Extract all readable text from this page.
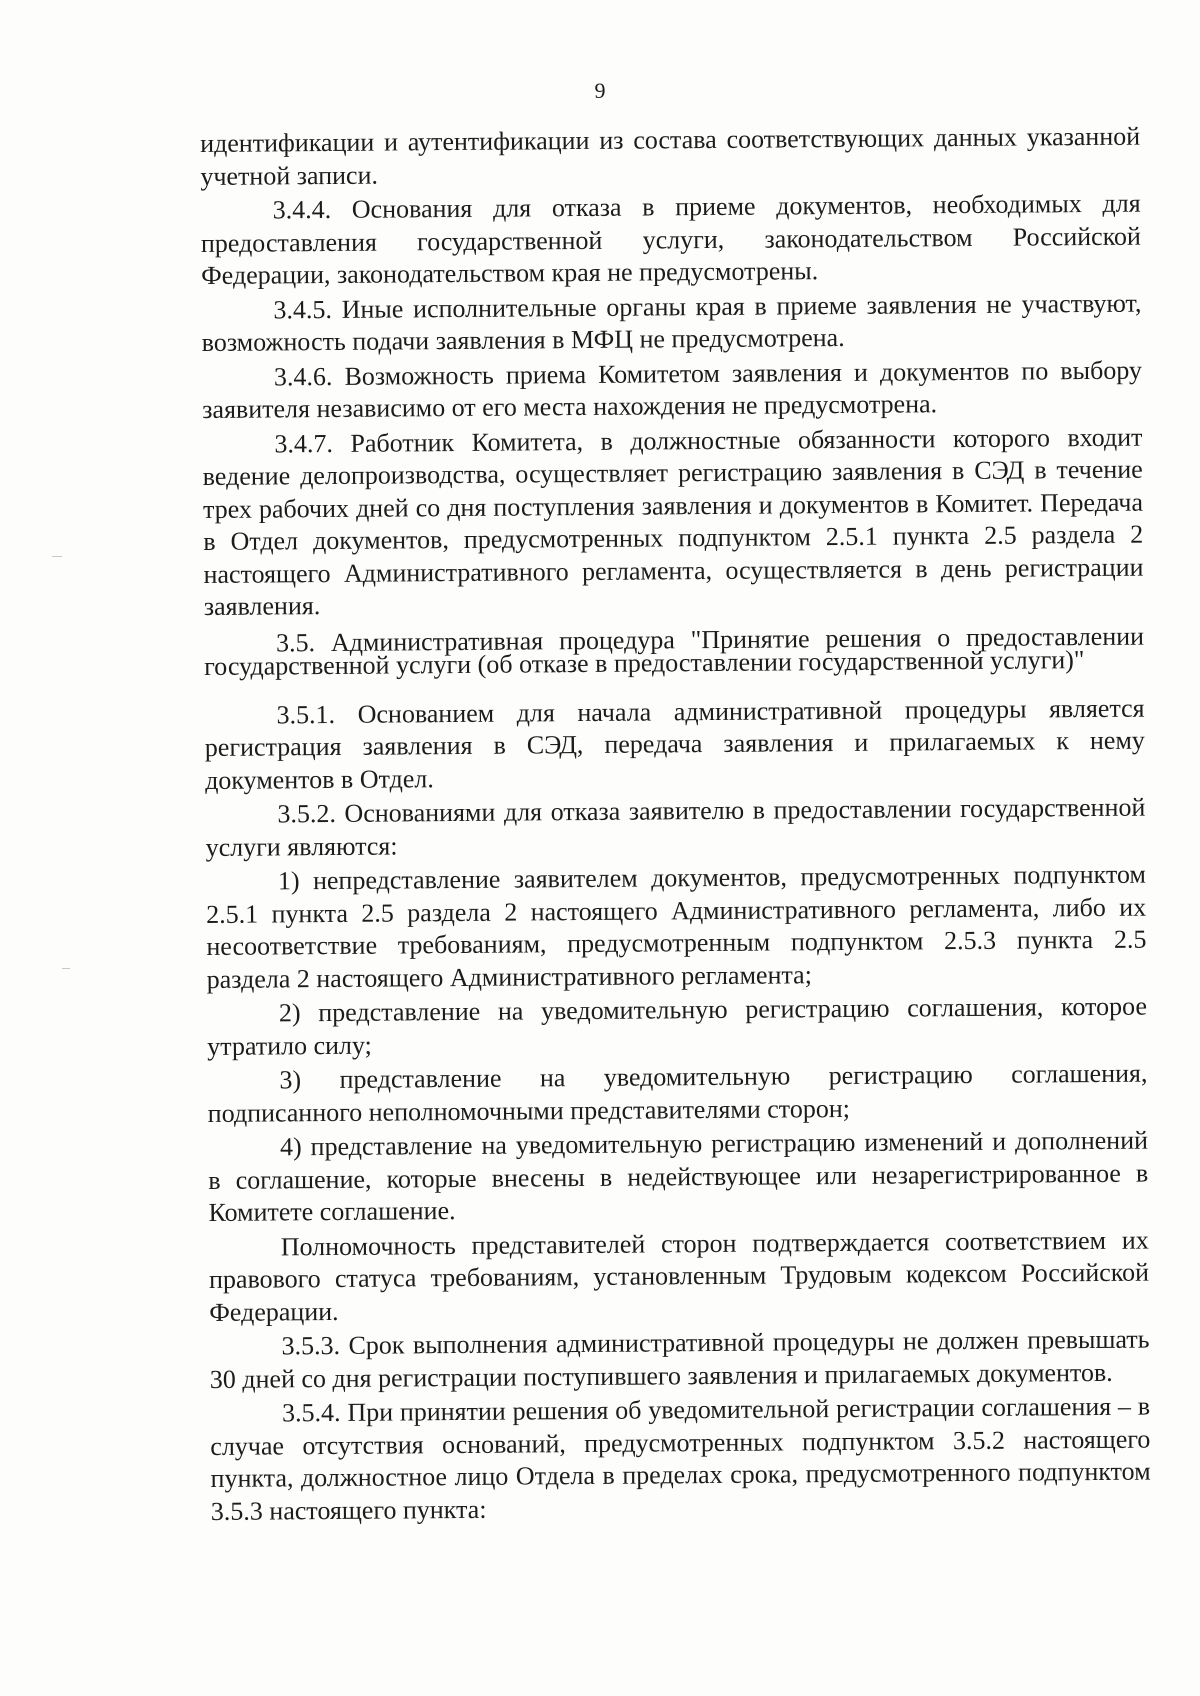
9

идентификации и аутентификации из состава соответствующих данных указанной учетной записи.

3.4.4. Основания для отказа в приеме документов, необходимых для предоставления государственной услуги, законодательством Российской Федерации, законодательством края не предусмотрены.

3.4.5. Иные исполнительные органы края в приеме заявления не участвуют, возможность подачи заявления в МФЦ не предусмотрена.

3.4.6. Возможность приема Комитетом заявления и документов по выбору заявителя независимо от его места нахождения не предусмотрена.

3.4.7. Работник Комитета, в должностные обязанности которого входит ведение делопроизводства, осуществляет регистрацию заявления в СЭД в течение трех рабочих дней со дня поступления заявления и документов в Комитет. Передача в Отдел документов, предусмотренных подпунктом 2.5.1 пункта 2.5 раздела 2 настоящего Административного регламента, осуществляется в день регистрации заявления.

3.5. Административная процедура "Принятие решения о предоставлении государственной услуги (об отказе в предоставлении государственной услуги)"

3.5.1. Основанием для начала административной процедуры является регистрация заявления в СЭД, передача заявления и прилагаемых к нему документов в Отдел.

3.5.2. Основаниями для отказа заявителю в предоставлении государственной услуги являются:

1) непредставление заявителем документов, предусмотренных подпунктом 2.5.1 пункта 2.5 раздела 2 настоящего Административного регламента, либо их несоответствие требованиям, предусмотренным подпунктом 2.5.3 пункта 2.5 раздела 2 настоящего Административного регламента;

2) представление на уведомительную регистрацию соглашения, которое утратило силу;

3) представление на уведомительную регистрацию соглашения, подписанного неполномочными представителями сторон;

4) представление на уведомительную регистрацию изменений и дополнений в соглашение, которые внесены в недействующее или незарегистрированное в Комитете соглашение.

Полномочность представителей сторон подтверждается соответствием их правового статуса требованиям, установленным Трудовым кодексом Российской Федерации.

3.5.3. Срок выполнения административной процедуры не должен превышать 30 дней со дня регистрации поступившего заявления и прилагаемых документов.

3.5.4. При принятии решения об уведомительной регистрации соглашения – в случае отсутствия оснований, предусмотренных подпунктом 3.5.2 настоящего пункта, должностное лицо Отдела в пределах срока, предусмотренного подпунктом 3.5.3 настоящего пункта:
